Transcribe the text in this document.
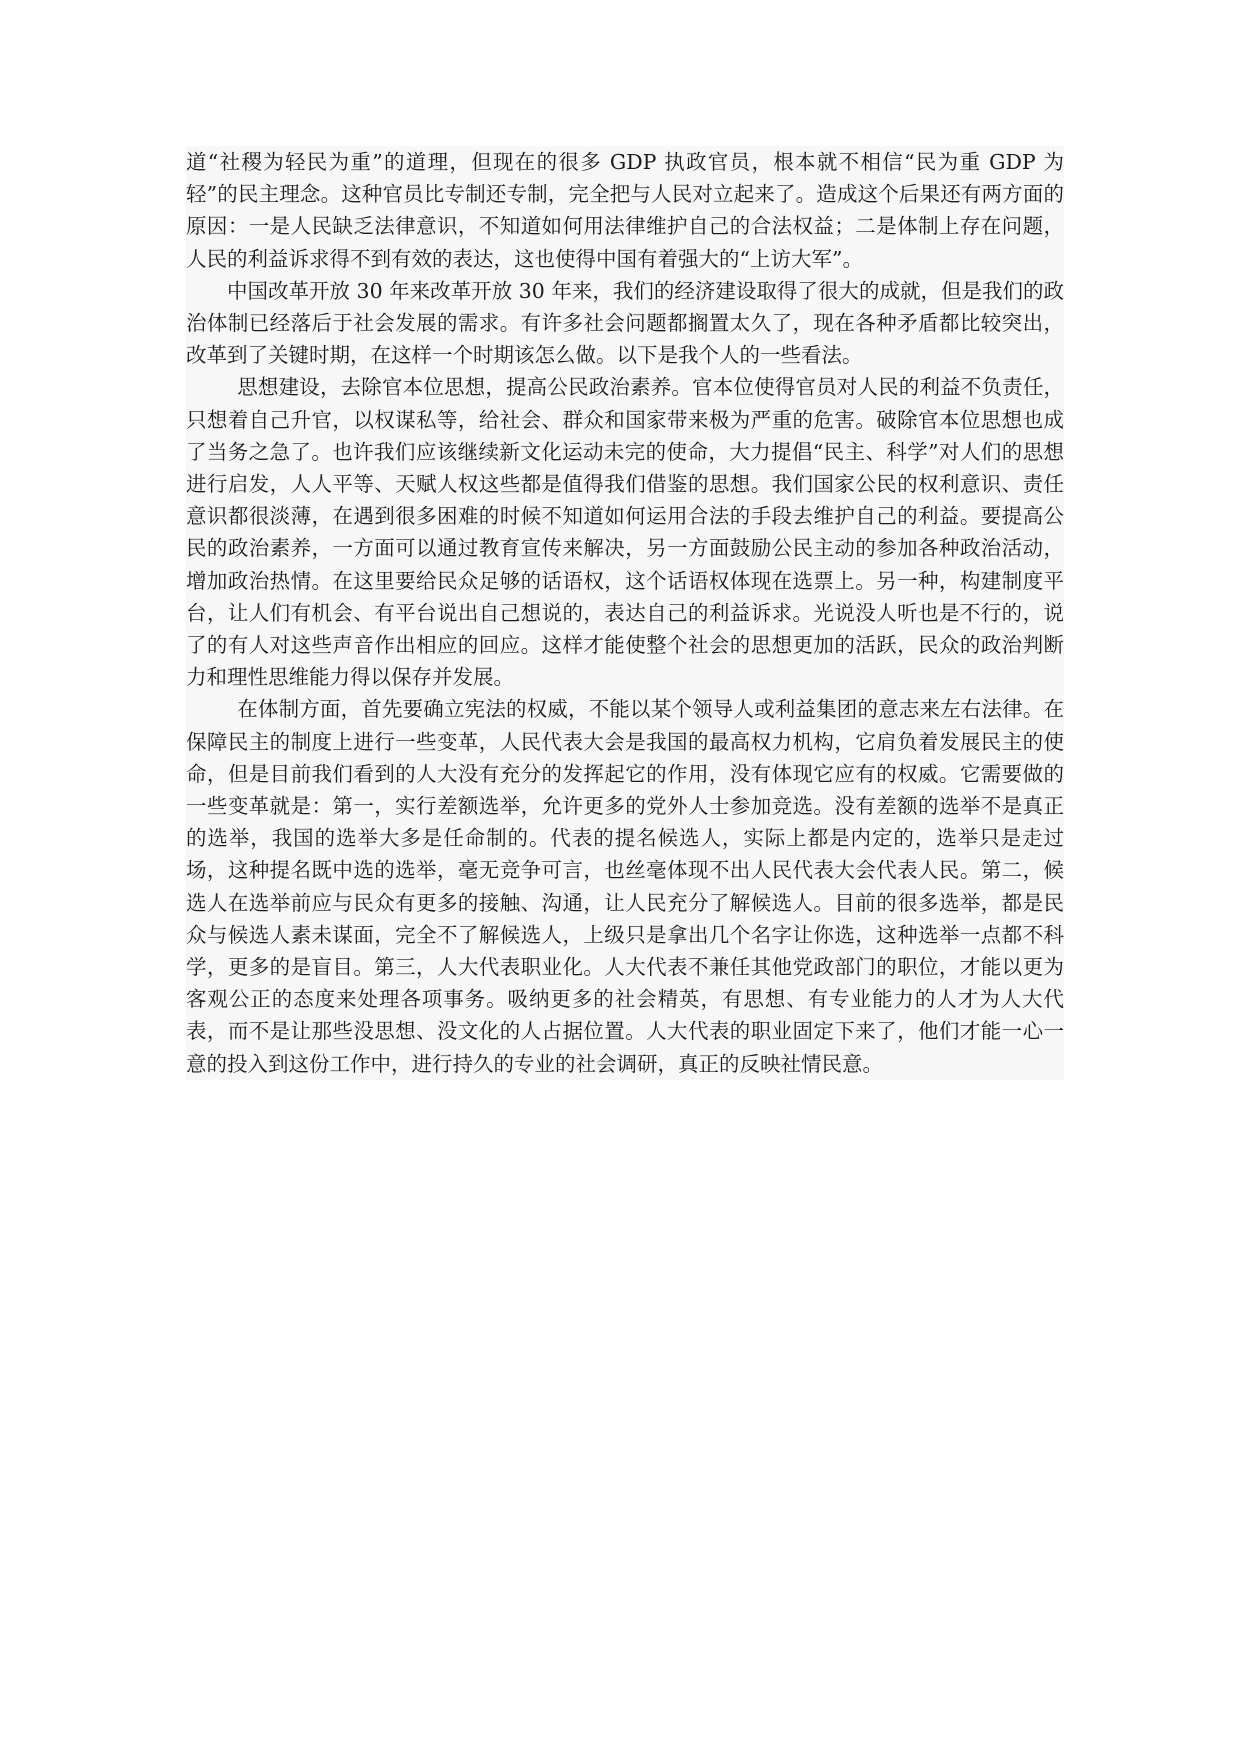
道“社稷为轻民为重”的道理，但现在的很多 GDP 执政官员，根本就不相信“民为重 GDP 为轻”的民主理念。这种官员比专制还专制，完全把与人民对立起来了。造成这个后果还有两方面的原因：一是人民缺乏法律意识，不知道如何用法律维护自己的合法权益；二是体制上存在问题，人民的利益诉求得不到有效的表达，这也使得中国有着强大的“上访大军”。

中国改革开放 30 年来改革开放 30 年来，我们的经济建设取得了很大的成就，但是我们的政治体制已经落后于社会发展的需求。有许多社会问题都搁置太久了，现在各种矛盾都比较突出，改革到了关键时期，在这样一个时期该怎么做。以下是我个人的一些看法。

思想建设，去除官本位思想，提高公民政治素养。官本位使得官员对人民的利益不负责任，只想着自己升官，以权谋私等，给社会、群众和国家带来极为严重的危害。破除官本位思想也成了当务之急了。也许我们应该继续新文化运动未完的使命，大力提倡“民主、科学”对人们的思想进行启发，人人平等、天赋人权这些都是值得我们借鉴的思想。我们国家公民的权利意识、责任意识都很淡薄，在遇到很多困难的时候不知道如何运用合法的手段去维护自己的利益。要提高公民的政治素养，一方面可以通过教育宣传来解决，另一方面鼓励公民主动的参加各种政治活动，增加政治热情。在这里要给民众足够的话语权，这个话语权体现在选票上。另一种，构建制度平台，让人们有机会、有平台说出自己想说的，表达自己的利益诉求。光说没人听也是不行的，说了的有人对这些声音作出相应的回应。这样才能使整个社会的思想更加的活跃，民众的政治判断力和理性思维能力得以保存并发展。

在体制方面，首先要确立宪法的权威，不能以某个领导人或利益集团的意志来左右法律。在保障民主的制度上进行一些变革，人民代表大会是我国的最高权力机构，它肩负着发展民主的使命，但是目前我们看到的人大没有充分的发挥起它的作用，没有体现它应有的权威。它需要做的一些变革就是：第一，实行差额选举，允许更多的党外人士参加竞选。没有差额的选举不是真正的选举，我国的选举大多是任命制的。代表的提名候选人，实际上都是内定的，选举只是走过场，这种提名既中选的选举，毫无竞争可言，也丝毫体现不出人民代表大会代表人民。第二，候选人在选举前应与民众有更多的接触、沟通，让人民充分了解候选人。目前的很多选举，都是民众与候选人素未谋面，完全不了解候选人，上级只是拿出几个名字让你选，这种选举一点都不科学，更多的是盲目。第三，人大代表职业化。人大代表不兼任其他党政部门的职位，才能以更为客观公正的态度来处理各项事务。吸纳更多的社会精英，有思想、有专业能力的人才为人大代表，而不是让那些没思想、没文化的人占据位置。人大代表的职业固定下来了，他们才能一心一意的投入到这份工作中，进行持久的专业的社会调研，真正的反映社情民意。
